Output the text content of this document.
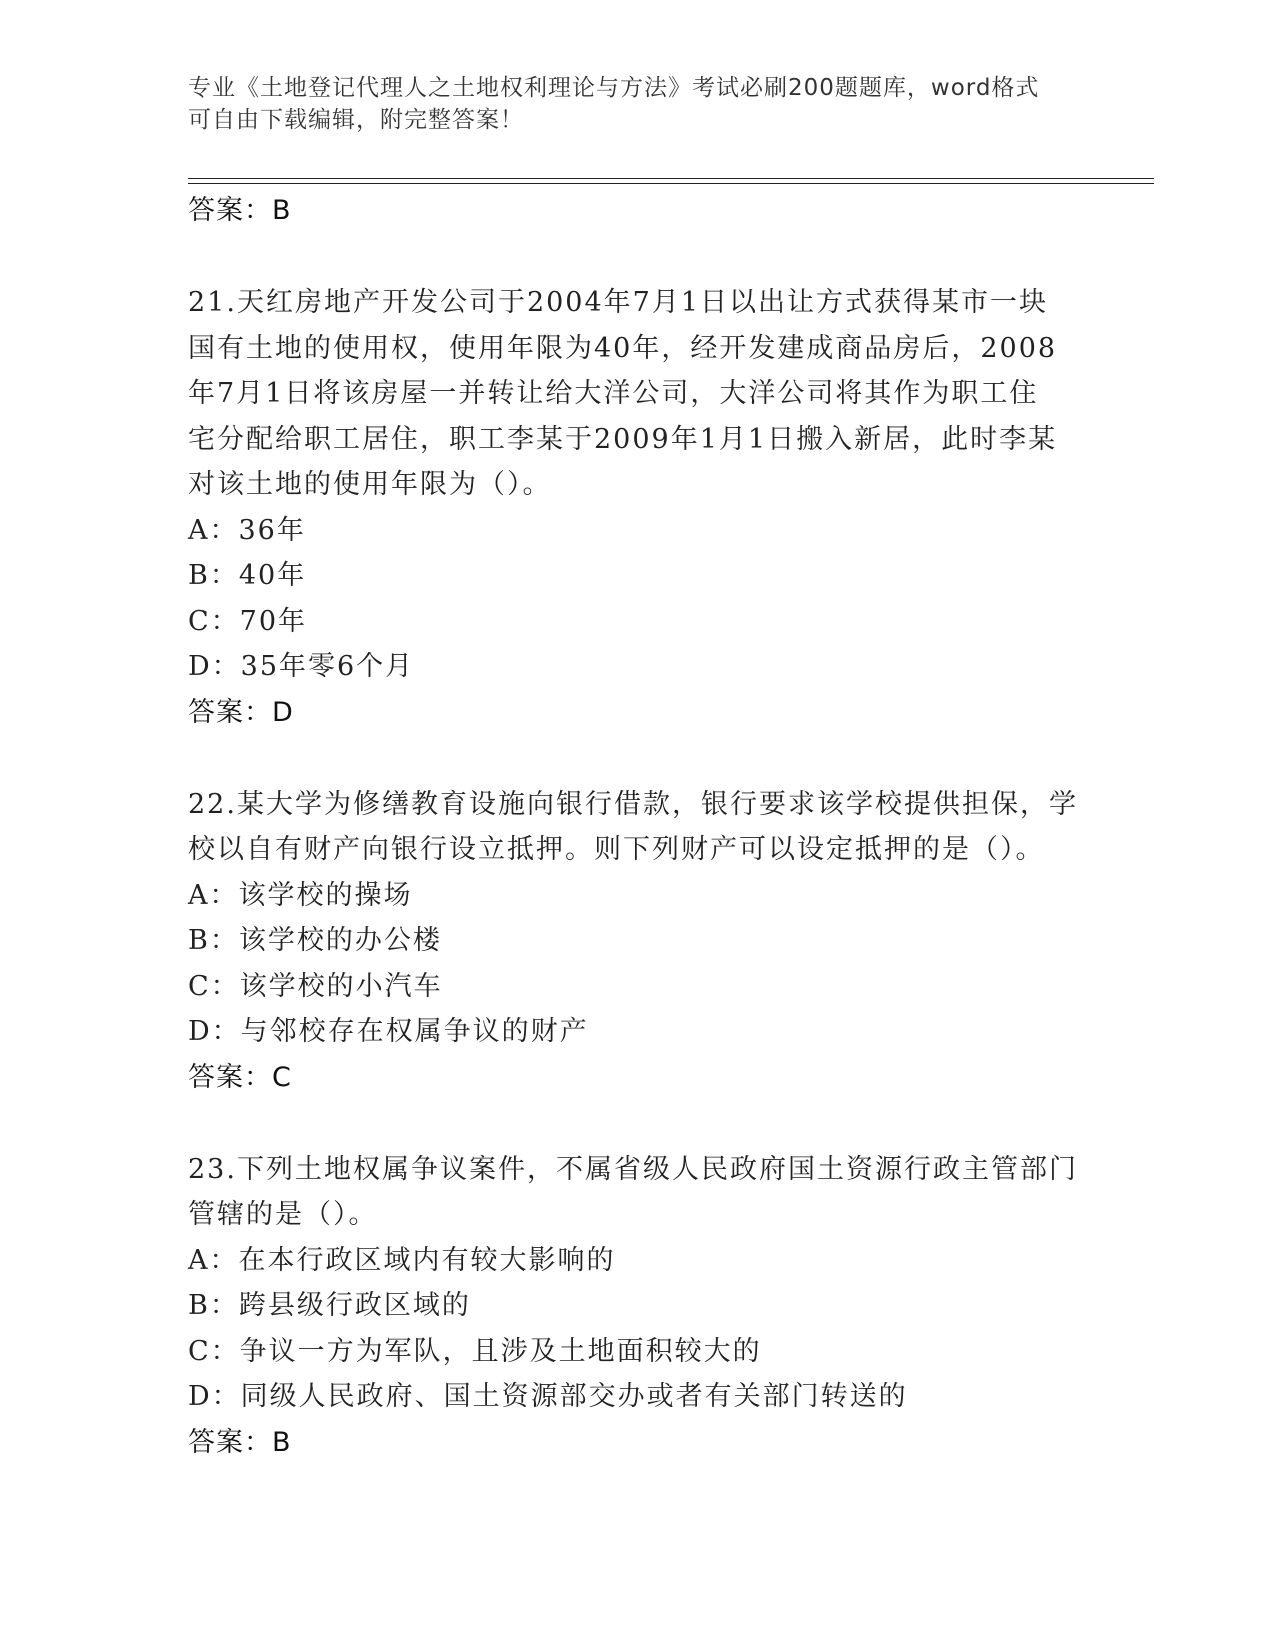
专业《土地登记代理人之土地权利理论与方法》考试必刷200题题库，word格式
可自由下载编辑，附完整答案！
答案：B
21.天红房地产开发公司于2004年7月1日以出让方式获得某市一块
国有土地的使用权，使用年限为40年，经开发建成商品房后，2008
年7月1日将该房屋一并转让给大洋公司，大洋公司将其作为职工住
宅分配给职工居住，职工李某于2009年1月1日搬入新居，此时李某
对该土地的使用年限为（）。
A：36年
B：40年
C：70年
D：35年零6个月
答案：D
22.某大学为修缮教育设施向银行借款，银行要求该学校提供担保，学
校以自有财产向银行设立抵押。则下列财产可以设定抵押的是（）。
A：该学校的操场
B：该学校的办公楼
C：该学校的小汽车
D：与邻校存在权属争议的财产
答案：C
23.下列土地权属争议案件，不属省级人民政府国土资源行政主管部门
管辖的是（）。
A：在本行政区域内有较大影响的
B：跨县级行政区域的
C：争议一方为军队，且涉及土地面积较大的
D：同级人民政府、国土资源部交办或者有关部门转送的
答案：B
